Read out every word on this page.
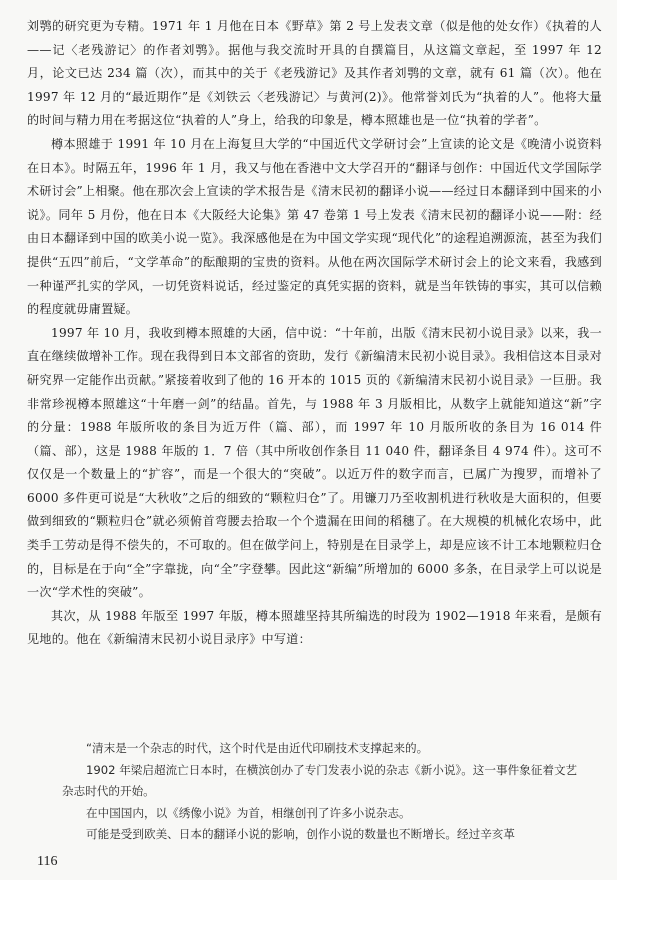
刘鹗的研究更为专精。1971 年 1 月他在日本《野草》第 2 号上发表文章（似是他的处女作）《执着的人——记〈老残游记〉的作者刘鹗》。据他与我交流时开具的自撰篇目，从这篇文章起，至 1997 年 12 月，论文已达 234 篇（次），而其中的关于《老残游记》及其作者刘鹗的文章，就有 61 篇（次）。他在 1997 年 12 月的“最近期作”是《刘铁云〈老残游记〉与黄河(2)》。他常誉刘氏为“执着的人”。他将大量的时间与精力用在考据这位“执着的人”身上，给我的印象是，樽本照雄也是一位“执着的学者”。

樽本照雄于 1991 年 10 月在上海复旦大学的“中国近代文学研讨会”上宣读的论文是《晚清小说资料在日本》。时隔五年，1996 年 1 月，我又与他在香港中文大学召开的“翻译与创作：中国近代文学国际学术研讨会”上相聚。他在那次会上宣读的学术报告是《清末民初的翻译小说——经过日本翻译到中国来的小说》。同年 5 月份，他在日本《大阪经大论集》第 47 卷第 1 号上发表《清末民初的翻译小说——附：经由日本翻译到中国的欧美小说一览》。我深感他是在为中国文学实现“现代化”的途程追溯源流，甚至为我们提供“五四”前后，“文学革命”的酝酿期的宝贵的资料。从他在两次国际学术研讨会上的论文来看，我感到一种谨严扎实的学风，一切凭资料说话，经过鉴定的真凭实据的资料，就是当年铁铸的事实，其可以信赖的程度就毋庸置疑。

1997 年 10 月，我收到樽本照雄的大函，信中说：“十年前，出版《清末民初小说目录》以来，我一直在继续做增补工作。现在我得到日本文部省的资助，发行《新编清末民初小说目录》。我相信这本目录对研究界一定能作出贡献。”紧接着收到了他的 16 开本的 1015 页的《新编清末民初小说目录》一巨册。我非常珍视樽本照雄这“十年磨一剑”的结晶。首先，与 1988 年 3 月版相比，从数字上就能知道这“新”字的分量：1988 年版所收的条目为近万件（篇、部），而 1997 年 10 月版所收的条目为 16 014 件（篇、部），这是 1988 年版的 1．7 倍（其中所收创作条目 11 040 件，翻译条目 4 974 件）。这可不仅仅是一个数量上的“扩容”，而是一个很大的“突破”。以近万件的数字而言，已属广为搜罗，而增补了 6000 多件更可说是“大秋收”之后的细致的“颗粒归仓”了。用镰刀乃至收割机进行秋收是大面积的，但要做到细致的“颗粒归仓”就必须俯首弯腰去拾取一个个遗漏在田间的稻穗了。在大规模的机械化农场中，此类手工劳动是得不偿失的，不可取的。但在做学问上，特别是在目录学上，却是应该不计工本地颗粒归仓的，目标是在于向“全”字靠拢，向“全”字登攀。因此这“新编”所增加的 6000 多条，在目录学上可以说是一次“学术性的突破”。

其次，从 1988 年版至 1997 年版，樽本照雄坚持其所编选的时段为 1902—1918 年来看，是颇有见地的。他在《新编清末民初小说目录序》中写道：

“清末是一个杂志的时代，这个时代是由近代印刷技术支撑起来的。

1902 年梁启超流亡日本时，在横滨创办了专门发表小说的杂志《新小说》。这一事件象征着文艺杂志时代的开始。

在中国国内，以《绣像小说》为首，相继创刊了许多小说杂志。

可能是受到欧美、日本的翻译小说的影响，创作小说的数量也不断增长。经过辛亥革

116
